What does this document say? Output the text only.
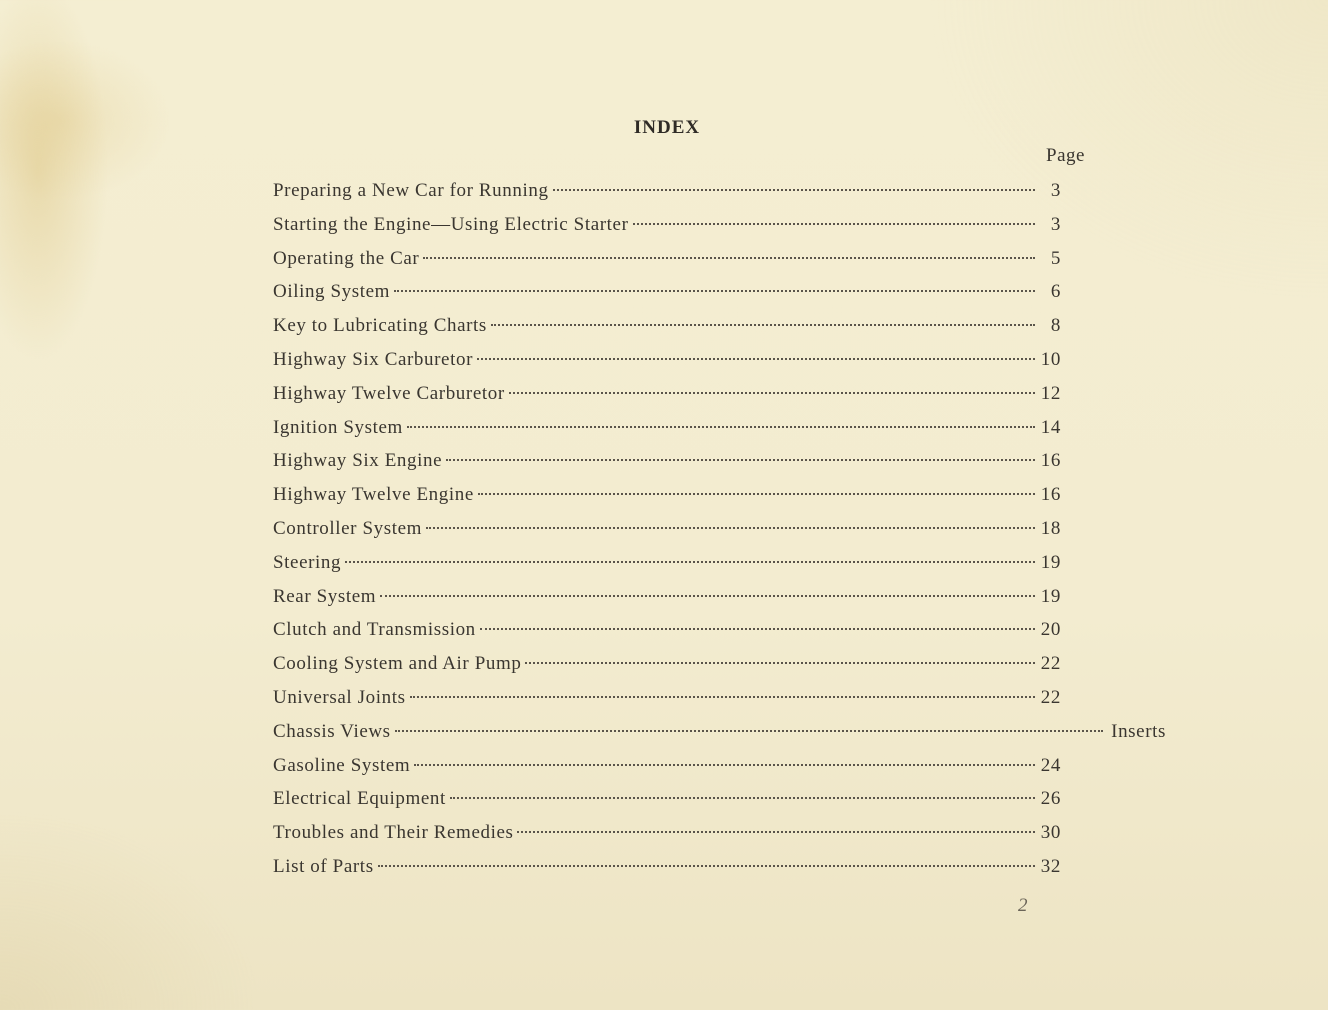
INDEX
Page
Preparing a New Car for Running	3
Starting the Engine—Using Electric Starter	3
Operating the Car	5
Oiling System	6
Key to Lubricating Charts	8
Highway Six Carburetor	10
Highway Twelve Carburetor	12
Ignition System	14
Highway Six Engine	16
Highway Twelve Engine	16
Controller System	18
Steering	19
Rear System	19
Clutch and Transmission	20
Cooling System and Air Pump	22
Universal Joints	22
Chassis Views	Inserts
Gasoline System	24
Electrical Equipment	26
Troubles and Their Remedies	30
List of Parts	32
2
